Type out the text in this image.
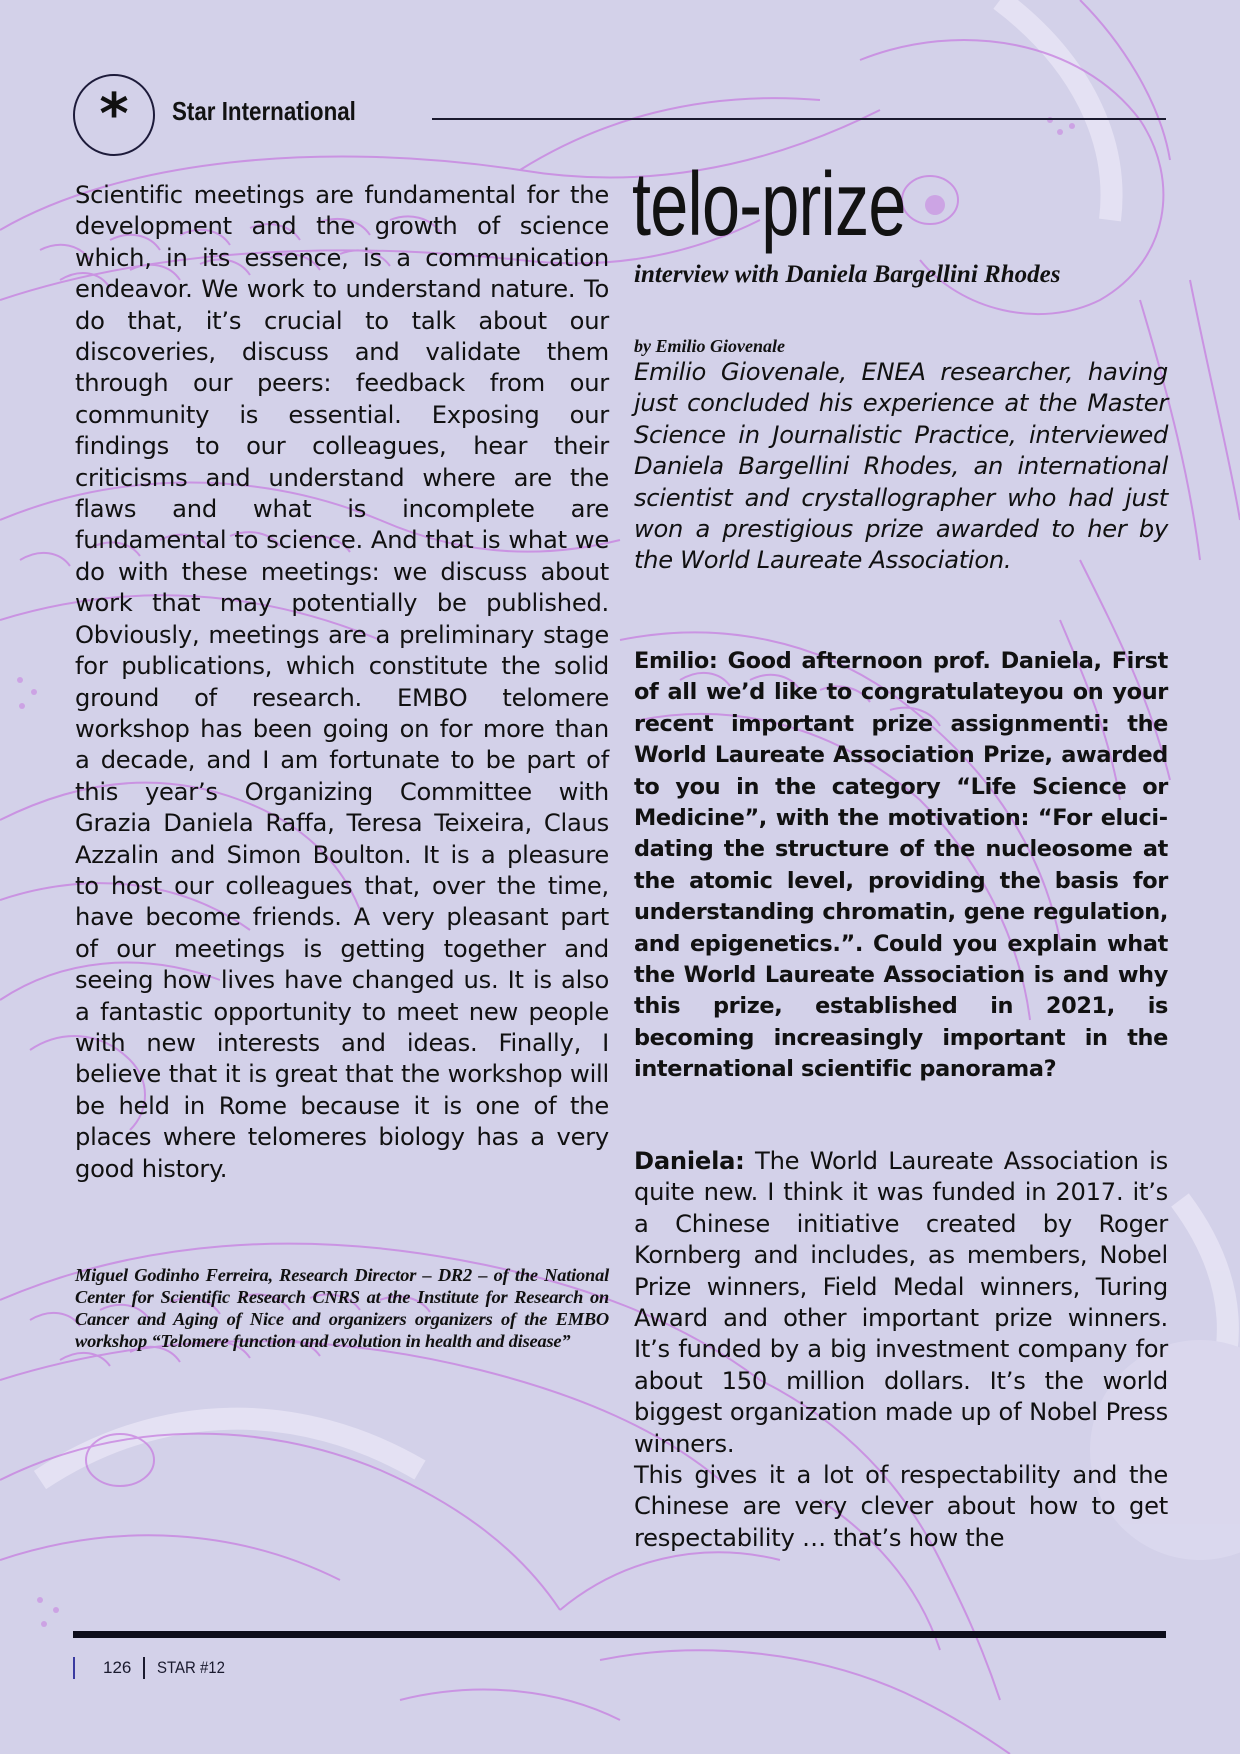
* Star International

Scientific meetings are fundamental for the development and the growth of science which, in its essence, is a communication endeavor. We work to understand nature. To do that, it’s crucial to talk about our discoveries, discuss and validate them through our peers: feedback from our community is essential. Exposing our findings to our colleagues, hear their criticisms and understand where are the flaws and what is incomplete are fundamental to science. And that is what we do with these meetings: we discuss about work that may potentially be published. Obviously, meetings are a preliminary stage for publications, which constitute the solid ground of research. EMBO telomere workshop has been going on for more than a decade, and I am fortunate to be part of this year’s Organizing Committee with Grazia Daniela Raffa, Teresa Teixeira, Claus Azzalin and Simon Boulton. It is a pleasure to host our colleagues that, over the time, have become friends. A very pleasant part of our meetings is getting together and seeing how lives have changed us. It is also a fantastic opportunity to meet new people with new interests and ideas. Finally, I believe that it is great that the workshop will be held in Rome because it is one of the places where telomeres biology has a very good history.

Miguel Godinho Ferreira, Research Director – DR2 – of the National Center for Scientific Research CNRS at the Institute for Research on Cancer and Aging of Nice and organizers organizers of the EMBO workshop “Telomere function and evolution in health and disease”
telo-prize
interview with Daniela Bargellini Rhodes
by Emilio Giovenale

Emilio Giovenale, ENEA researcher, having just concluded his experience at the Master Science in Journalistic Practice, interviewed Daniela Bargellini Rhodes, an international scientist and crystallographer who had just won a prestigious prize awarded to her by the World Laureate Association.

Emilio: Good afternoon prof. Daniela, First of all we’d like to congratulateyou on your recent important prize assignmenti: the World Laureate Association Prize, awarded to you in the category “Life Science or Medicine”, with the motivation: “For elucidating the structure of the nucleosome at the atomic level, providing the basis for understanding chromatin, gene regulation, and epigenetics.”. Could you explain what the World Laureate Association is and why this prize, established in 2021, is becoming increasingly important in the international scientific panorama?

Daniela: The World Laureate Association is quite new. I think it was funded in 2017. it’s a Chinese initiative created by Roger Kornberg and includes, as members, Nobel Prize winners, Field Medal winners, Turing Award and other important prize winners. It’s funded by a big investment company for about 150 million dollars. It’s the world biggest organization made up of Nobel Press winners.

This gives it a lot of respectability and the Chinese are very clever about how to get respectability … that’s how the

126 STAR #12
